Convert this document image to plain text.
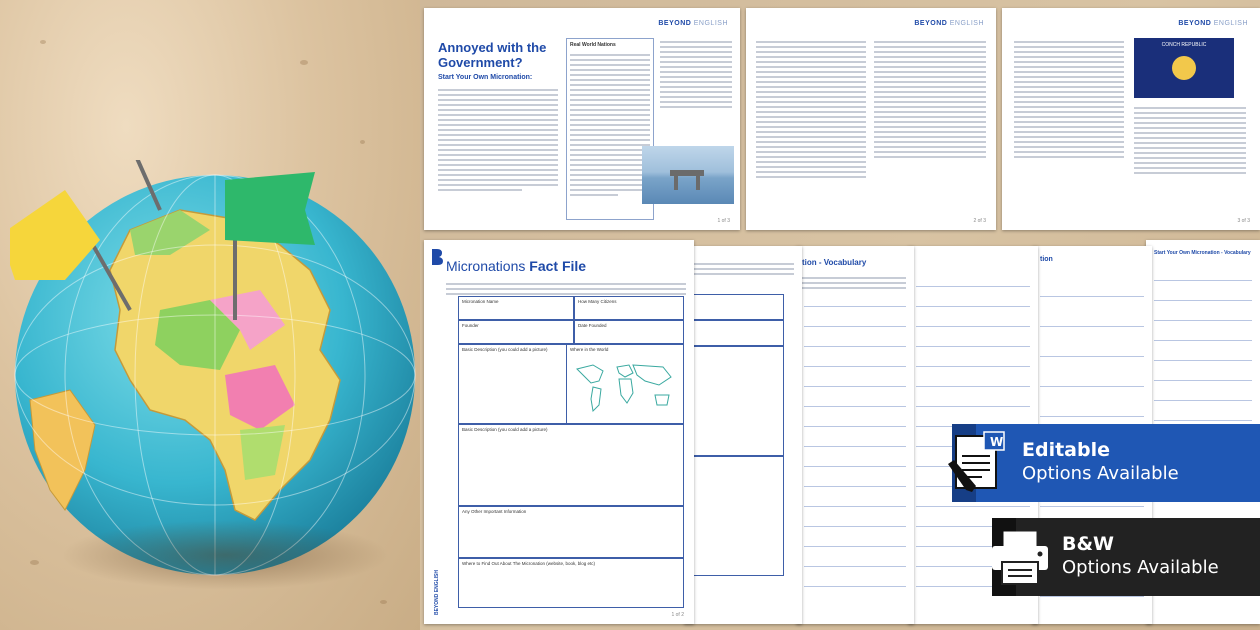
BEYOND ENGLISH
Annoyed with the Government?
Start Your Own Micronation:
Real World Nations
1 of 3
BEYOND ENGLISH
2 of 3
BEYOND ENGLISH
CONCH REPUBLIC
3 of 3
Start Your Own Micronation - Vocabulary
tion
tion - Vocabulary
Micronations Fact File
Micronation Name	How Many Citizens
Founder	Date Founded
Basic Description (you could add a picture)	Where in the World
Basic Description (you could add a picture)
Any Other Important Information
Where to Find Out About The Micronation (website, book, blog etc)
BEYOND ENGLISH
1 of 2
W Editable
Options Available
B&W
Options Available
